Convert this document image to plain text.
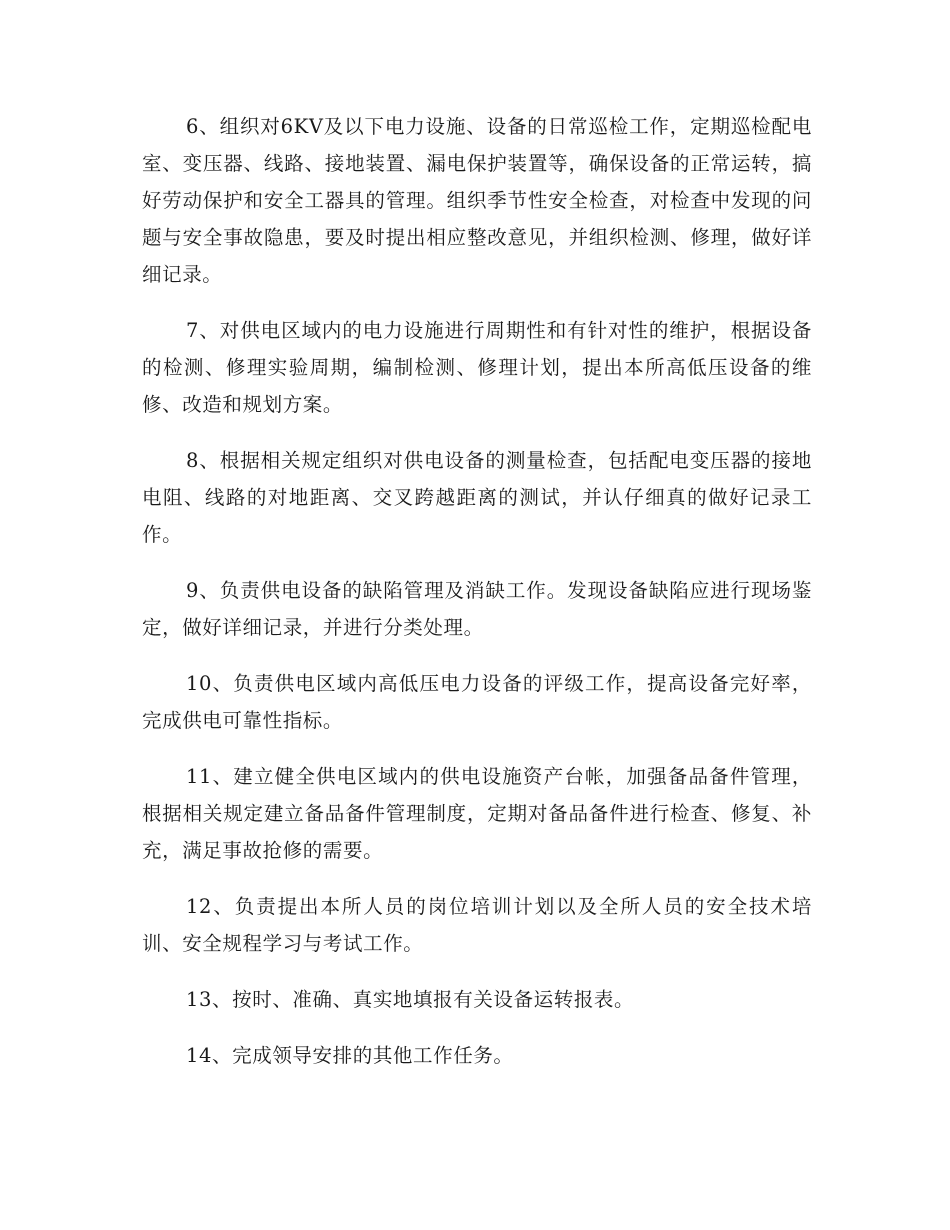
6、组织对6KV及以下电力设施、设备的日常巡检工作，定期巡检配电室、变压器、线路、接地装置、漏电保护装置等，确保设备的正常运转，搞好劳动保护和安全工器具的管理。组织季节性安全检查，对检查中发现的问题与安全事故隐患，要及时提出相应整改意见，并组织检测、修理，做好详细记录。

7、对供电区域内的电力设施进行周期性和有针对性的维护，根据设备的检测、修理实验周期，编制检测、修理计划，提出本所高低压设备的维修、改造和规划方案。

8、根据相关规定组织对供电设备的测量检查，包括配电变压器的接地电阻、线路的对地距离、交叉跨越距离的测试，并认仔细真的做好记录工作。

9、负责供电设备的缺陷管理及消缺工作。发现设备缺陷应进行现场鉴定，做好详细记录，并进行分类处理。

10、负责供电区域内高低压电力设备的评级工作，提高设备完好率，完成供电可靠性指标。

11、建立健全供电区域内的供电设施资产台帐，加强备品备件管理，根据相关规定建立备品备件管理制度，定期对备品备件进行检查、修复、补充，满足事故抢修的需要。

12、负责提出本所人员的岗位培训计划以及全所人员的安全技术培训、安全规程学习与考试工作。

13、按时、准确、真实地填报有关设备运转报表。

14、完成领导安排的其他工作任务。
